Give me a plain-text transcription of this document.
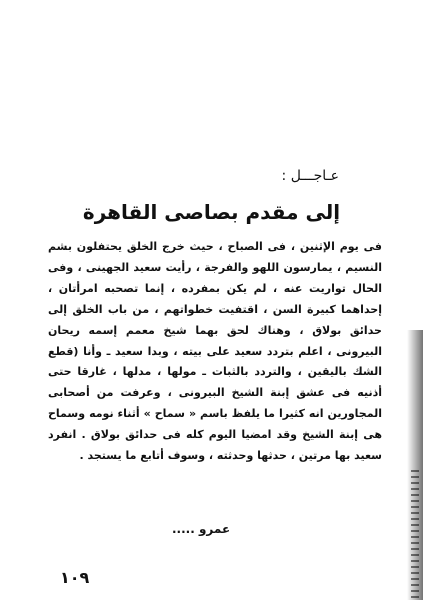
عـاجـــل :
إلى مقدم بصاصى القاهرة

فى يوم الإثنين ، فى الصباح ، حيث خرج الخلق يحتفلون بشم النسيم ، يمارسون اللهو والفرجة ، رأيت سعيد الجهينى ، وفى الحال تواريت عنه ، لم يكن بمفرده ، إنما تصحبه امرأتان ، إحداهما كبيرة السن ، اقتفيت خطواتهم ، من باب الخلق إلى حدائق بولاق ، وهناك لحق بهما شيخ معمم إسمه ريحان البيرونى ، اعلم بتردد سعيد على بيته ، وبدا سعيد ـ وأنا (قطع الشك باليقين ، والتردد بالثبات ـ مولها ، مدلها ، غارقا حتى أذنيه فى عشق إبنة الشيخ البيرونى ، وعرفت من أصحابى المجاورين انه كثيرا ما يلفظ باسم « سماح » أثناء نومه وسماح هى إبنة الشيخ وقد امضيا اليوم كله فى حدائق بولاق . انفرد سعيد بها مرتين ، حدثها وحدثته ، وسوف أتابع ما يستجد .

عمرو .....
١٠٩
